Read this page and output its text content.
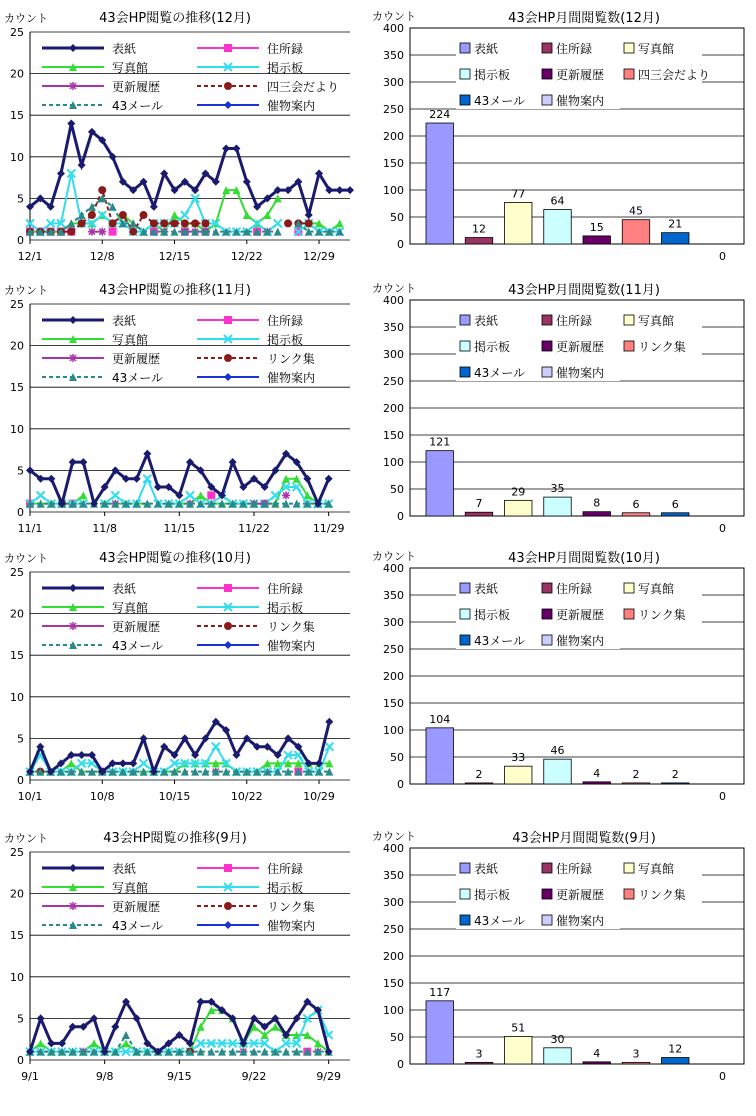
カウント	43会HP閲覧の推移(12月)
0
5
10
15
20
25
12/1	12/8	12/15	12/22	12/29
表紙	住所録
写真館	掲示板
更新履歴	四三会だより
43メール	催物案内
カウント	43会HP月間閲覧数(12月)
0
50
100
150
200
250
300
350
400
224
12
77
64
15
45
21
0
表紙	住所録	写真館
掲示板	更新履歴	四三会だより
43メール	催物案内
カウント	43会HP閲覧の推移(11月)
0
5
10
15
20
25
11/1	11/8	11/15	11/22	11/29
表紙	住所録
写真館	掲示板
更新履歴	リンク集
43メール	催物案内
カウント	43会HP月間閲覧数(11月)
0
50
100
150
200
250
300
350
400
121
7
29 35
8	6	6
0
表紙	住所録	写真館
掲示板	更新履歴	リンク集
43メール	催物案内
カウント	43会HP閲覧の推移(10月)
0
5
10
15
20
25
10/1	10/8	10/15	10/22	10/29
表紙	住所録
写真館	掲示板
更新履歴	リンク集
43メール	催物案内
カウント	43会HP月間閲覧数(10月)
0
50
100
150
200
250
300
350
400
104
2
33
46
4	2	2
0
表紙	住所録	写真館
掲示板	更新履歴	リンク集
43メール	催物案内
カウント	43会HP閲覧の推移(9月)
0
5
10
15
20
25
9/1	9/8	9/15	9/22	9/29
表紙	住所録
写真館	掲示板
更新履歴	リンク集
43メール	催物案内
カウント	43会HP月間閲覧数(9月)
0
50
100
150
200
250
300
350
400
117
3
51
30
4	3	12
0
表紙	住所録	写真館
掲示板	更新履歴	リンク集
43メール	催物案内
